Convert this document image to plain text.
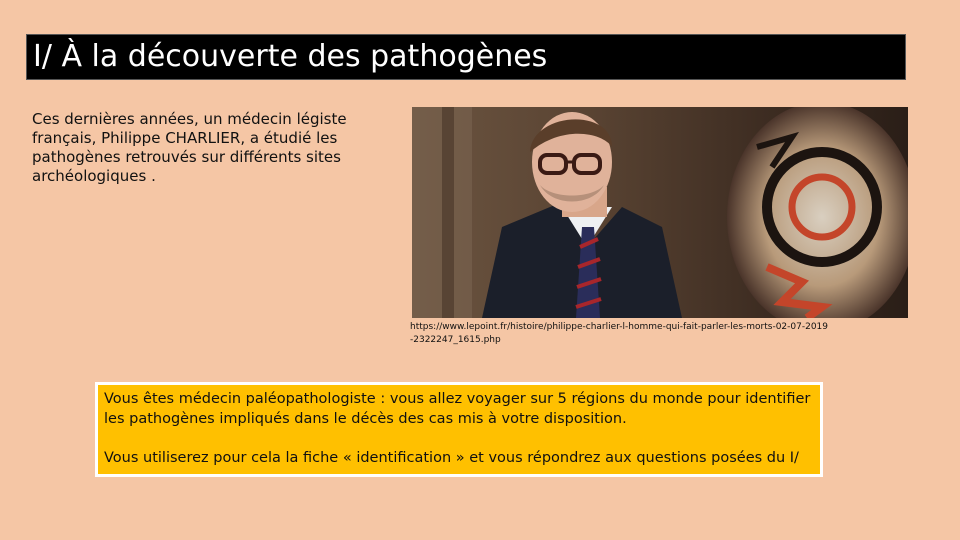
I/ À la découverte des pathogènes
Ces dernières années, un médecin légiste français, Philippe CHARLIER, a étudié les pathogènes retrouvés sur différents sites archéologiques .
https://www.lepoint.fr/histoire/philippe-charlier-l-homme-qui-fait-parler-les-morts-02-07-2019-2322247_1615.php

Vous êtes médecin paléopathologiste : vous allez voyager sur 5 régions du monde pour identifier les pathogènes impliqués dans le décès des cas mis à votre disposition.

Vous utiliserez pour cela la fiche « identification » et vous répondrez aux questions posées du I/
